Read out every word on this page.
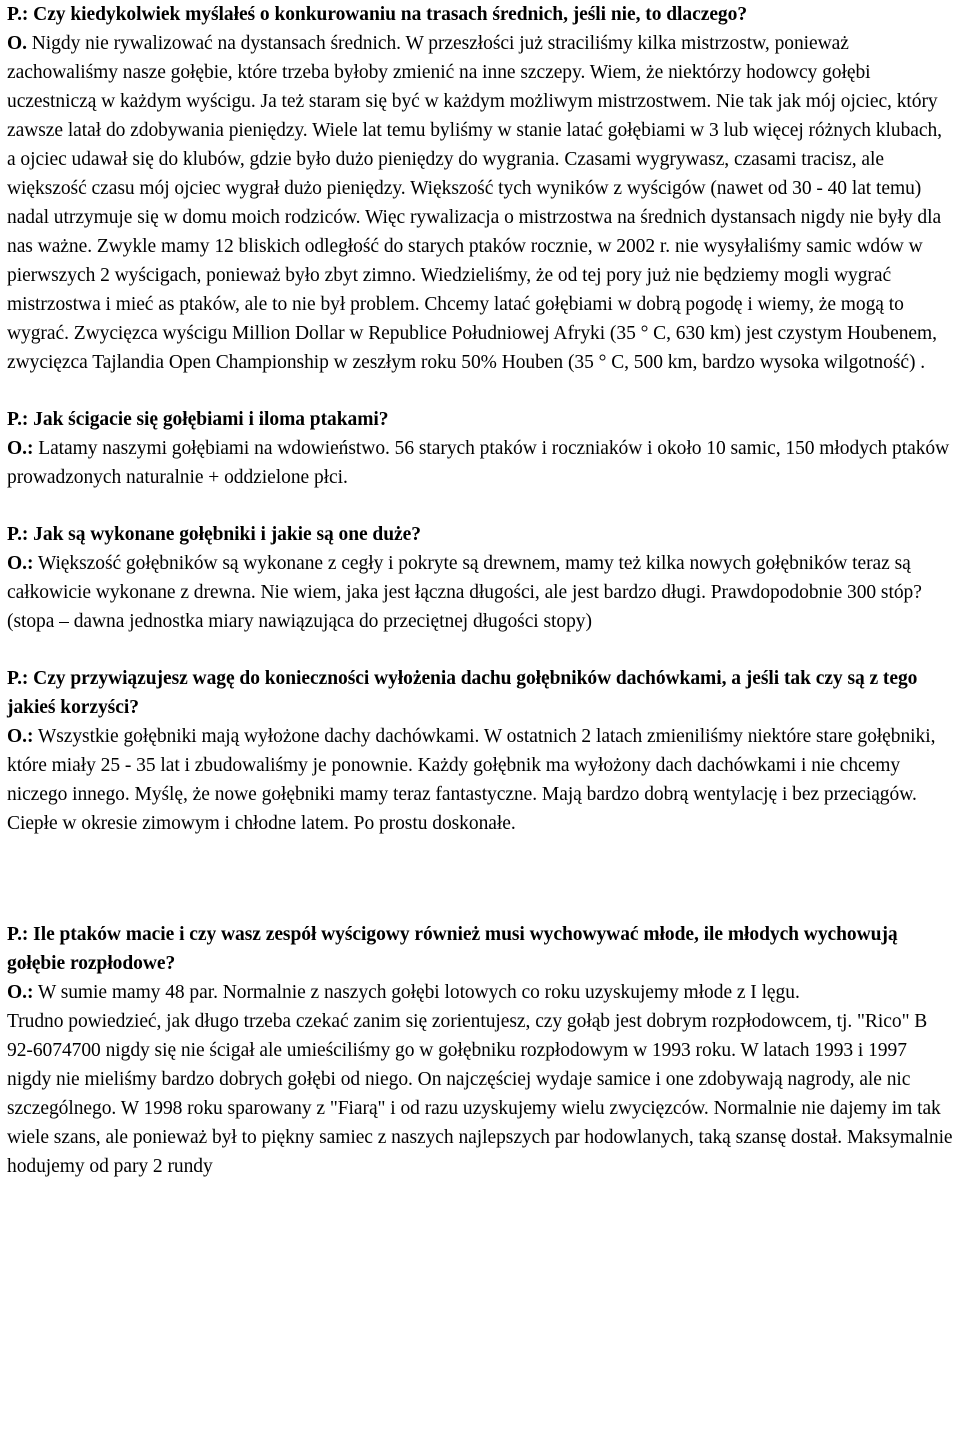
P.: Czy kiedykolwiek myślałeś o konkurowaniu na trasach średnich, jeśli nie, to dlaczego?
O. Nigdy nie rywalizować na dystansach średnich. W przeszłości już straciliśmy kilka mistrzostw, ponieważ zachowaliśmy nasze gołębie, które trzeba byłoby zmienić na inne szczepy. Wiem, że niektórzy hodowcy gołębi uczestniczą w każdym wyścigu. Ja też staram się być w każdym możliwym mistrzostwem. Nie tak jak mój ojciec, który zawsze latał do zdobywania pieniędzy. Wiele lat temu byliśmy w stanie latać gołębiami w 3 lub więcej różnych klubach, a ojciec udawał się do klubów, gdzie było dużo pieniędzy do wygrania. Czasami wygrywasz, czasami tracisz, ale większość czasu mój ojciec wygrał dużo pieniędzy. Większość tych wyników z wyścigów (nawet od 30 - 40 lat temu) nadal utrzymuje się w domu moich rodziców. Więc rywalizacja o mistrzostwa na średnich dystansach nigdy nie były dla nas ważne. Zwykle mamy 12 bliskich odległość do starych ptaków rocznie, w 2002 r. nie wysyłaliśmy samic wdów w pierwszych 2 wyścigach, ponieważ było zbyt zimno. Wiedzieliśmy, że od tej pory już nie będziemy mogli wygrać mistrzostwa i mieć as ptaków, ale to nie był problem. Chcemy latać gołębiami w dobrą pogodę i wiemy, że mogą to wygrać. Zwycięzca wyścigu Million Dollar w Republice Południowej Afryki (35 ° C, 630 km) jest czystym Houbenem, zwycięzca Tajlandia Open Championship w zeszłym roku 50% Houben (35 ° C, 500 km, bardzo wysoka wilgotność) .

P.: Jak ścigacie się gołębiami i iloma ptakami?
O.: Latamy naszymi gołębiami na wdowieństwo. 56 starych ptaków i roczniaków i około 10 samic, 150 młodych ptaków prowadzonych naturalnie + oddzielone płci.

P.: Jak są wykonane gołębniki i jakie są one duże?
O.: Większość gołębników są wykonane z cegły i pokryte są drewnem, mamy też kilka nowych gołębników teraz są całkowicie wykonane z drewna. Nie wiem, jaka jest łączna długości, ale jest bardzo długi. Prawdopodobnie 300 stóp? (stopa – dawna jednostka miary nawiązująca do przeciętnej długości stopy)

P.: Czy przywiązujesz wagę do konieczności wyłożenia dachu gołębników dachówkami, a jeśli tak czy są z tego jakieś korzyści?
O.: Wszystkie gołębniki mają wyłożone dachy dachówkami. W ostatnich 2 latach zmieniliśmy niektóre stare gołębniki, które miały 25 - 35 lat i zbudowaliśmy je ponownie. Każdy gołębnik ma wyłożony dach dachówkami i nie chcemy niczego innego. Myślę, że nowe gołębniki mamy teraz fantastyczne. Mają bardzo dobrą wentylację i bez przeciągów. Ciepłe w okresie zimowym i chłodne latem. Po prostu doskonałe.

P.: Ile ptaków macie i czy wasz zespół wyścigowy również musi wychowywać młode, ile młodych wychowują gołębie rozpłodowe?
O.: W sumie mamy 48 par. Normalnie z naszych gołębi lotowych co roku uzyskujemy młode z I lęgu.
Trudno powiedzieć, jak długo trzeba czekać zanim się zorientujesz, czy gołąb jest dobrym rozpłodowcem, tj. "Rico" B 92-6074700 nigdy się nie ścigał ale umieściliśmy go w gołębniku rozpłodowym w 1993 roku. W latach 1993 i 1997 nigdy nie mieliśmy bardzo dobrych gołębi od niego. On najczęściej wydaje samice i one zdobywają nagrody, ale nic szczególnego. W 1998 roku sparowany z "Fiarą" i od razu uzyskujemy wielu zwycięzców. Normalnie nie dajemy im tak wiele szans, ale ponieważ był to piękny samiec z naszych najlepszych par hodowlanych, taką szansę dostał. Maksymalnie hodujemy od pary 2 rundy
